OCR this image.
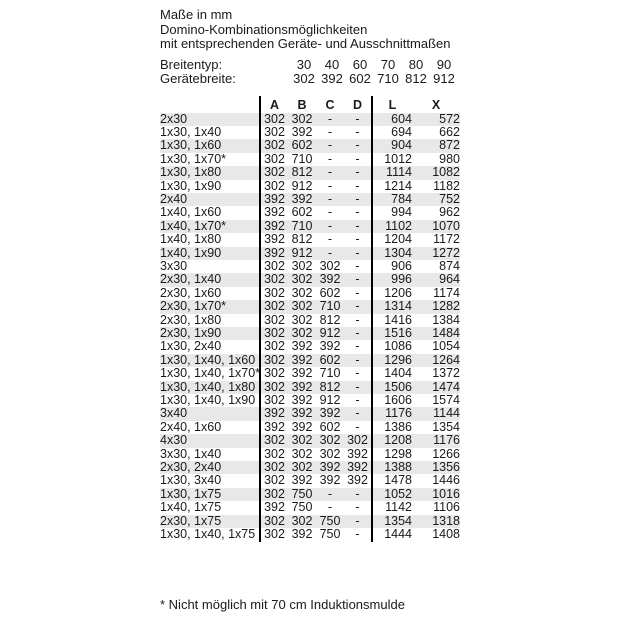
Maße in mm
Domino-Kombinationsmöglichkeiten
mit entsprechenden Geräte- und Ausschnittmaßen
Breitentyp:	30	40	60	70	80	90
Gerätebreite:	302 392 602 710 812 912
	A	B	C	D	L	X
2x30	302	302	-	-	604	572
1x30, 1x40	302	392	-	-	694	662
1x30, 1x60	302	602	-	-	904	872
1x30, 1x70*	302	710	-	-	1012	980
1x30, 1x80	302	812	-	-	1114	1082
1x30, 1x90	302	912	-	-	1214	1182
2x40	392	392	-	-	784	752
1x40, 1x60	392	602	-	-	994	962
1x40, 1x70*	392	710	-	-	1102	1070
1x40, 1x80	392	812	-	-	1204	1172
1x40, 1x90	392	912	-	-	1304	1272
3x30	302	302	302	-	906	874
2x30, 1x40	302	302	392	-	996	964
2x30, 1x60	302	302	602	-	1206	1174
2x30, 1x70*	302	302	710	-	1314	1282
2x30, 1x80	302	302	812	-	1416	1384
2x30, 1x90	302	302	912	-	1516	1484
1x30, 2x40	302	392	392	-	1086	1054
1x30, 1x40, 1x60	302	392	602	-	1296	1264
1x30, 1x40, 1x70*	302	392	710	-	1404	1372
1x30, 1x40, 1x80	302	392	812	-	1506	1474
1x30, 1x40, 1x90	302	392	912	-	1606	1574
3x40	392	392	392	-	1176	1144
2x40, 1x60	392	392	602	-	1386	1354
4x30	302	302	302	302	1208	1176
3x30, 1x40	302	302	302	392	1298	1266
2x30, 2x40	302	302	392	392	1388	1356
1x30, 3x40	302	392	392	392	1478	1446
1x30, 1x75	302	750	-	-	1052	1016
1x40, 1x75	392	750	-	-	1142	1106
2x30, 1x75	302	302	750	-	1354	1318
1x30, 1x40, 1x75	302	392	750	-	1444	1408
* Nicht möglich mit 70 cm Induktionsmulde
